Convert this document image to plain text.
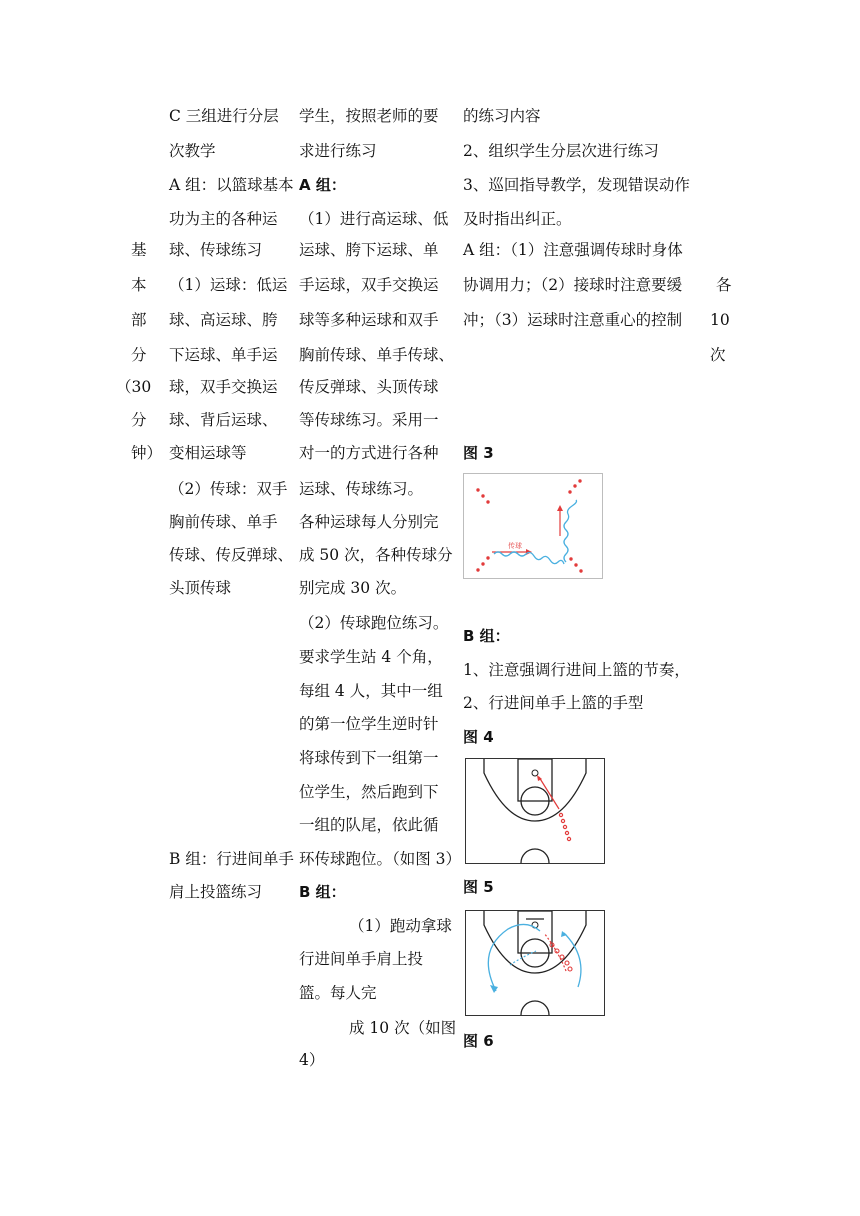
基
本
部
分
（30
分
钟）
C 三组进行分层
次教学
A 组：以篮球基本
功为主的各种运
球、传球练习
（1）运球：低运
球、高运球、胯
下运球、单手运
球，双手交换运
球、背后运球、
变相运球等
（2）传球：双手
胸前传球、单手
传球、传反弹球、
头顶传球
B 组：行进间单手
肩上投篮练习
学生，按照老师的要
求进行练习
A 组：
（1）进行高运球、低
运球、胯下运球、单
手运球，双手交换运
球等多种运球和双手
胸前传球、单手传球、
传反弹球、头顶传球
等传球练习。采用一
对一的方式进行各种
运球、传球练习。
各种运球每人分别完
成 50 次，各种传球分
别完成 30 次。
（2）传球跑位练习。
要求学生站 4 个角，
每组 4 人，其中一组
的第一位学生逆时针
将球传到下一组第一
位学生，然后跑到下
一组的队尾，依此循
环传球跑位。（如图 3）
B 组：
（1）跑动拿球
行进间单手肩上投
篮。每人完
成 10 次（如图
4）
的练习内容
2、组织学生分层次进行练习
3、巡回指导教学，发现错误动作
及时指出纠正。
A 组：（1）注意强调传球时身体
协调用力；（2）接球时注意要缓
冲；（3）运球时注意重心的控制
图 3
B 组：
1、注意强调行进间上篮的节奏，
2、行进间单手上篮的手型
图 4
图 5
图 6
各
10
次
传球
